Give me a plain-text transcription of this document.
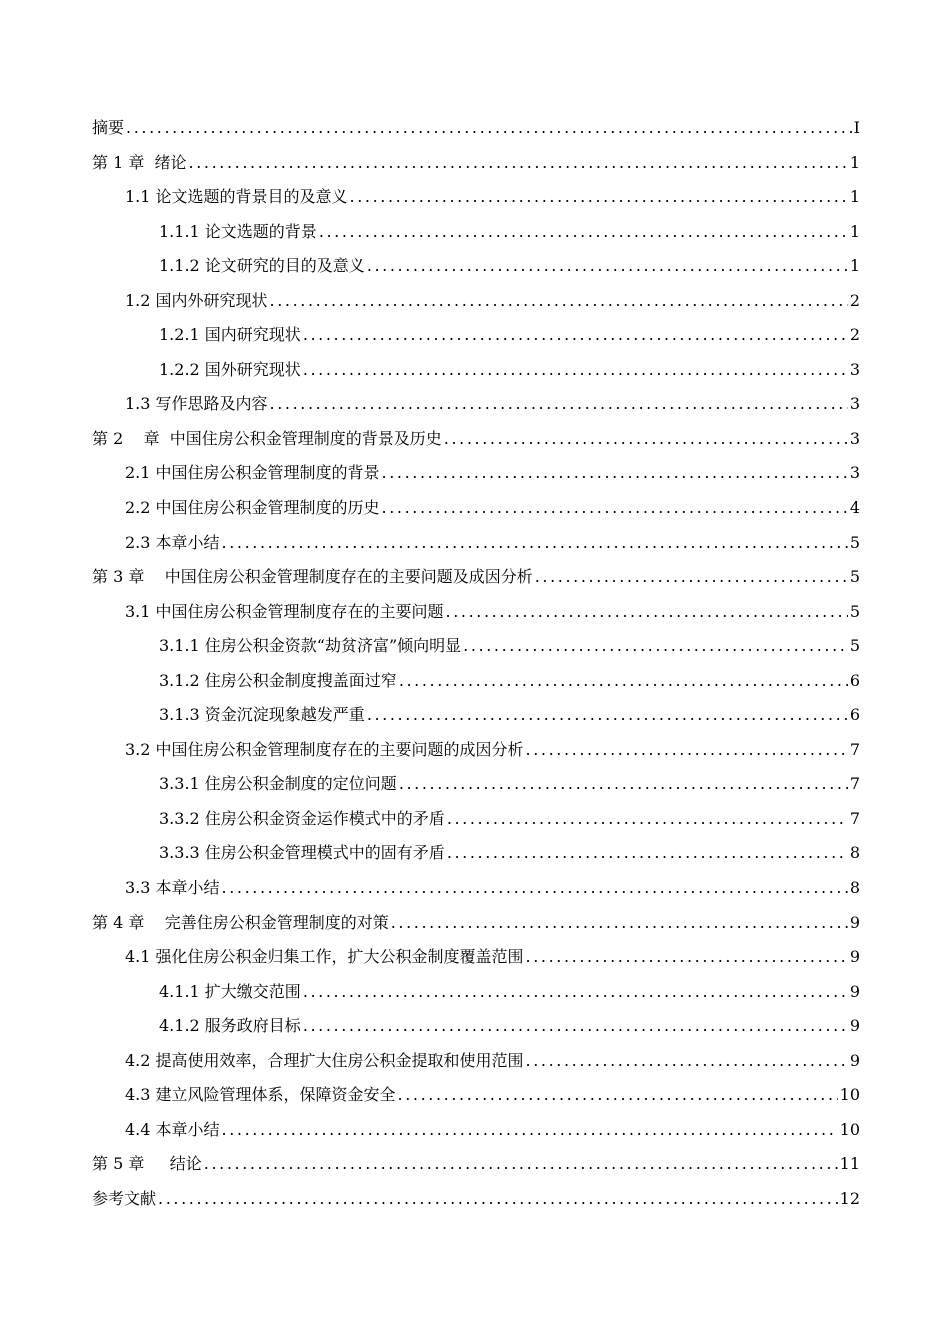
摘要 .....	I
第 1 章  绪论 .....	1
1.1 论文选题的背景目的及意义 .....	1
1.1.1 论文选题的背景 .....	1
1.1.2 论文研究的目的及意义 .....	1
1.2 国内外研究现状 .....	2
1.2.1 国内研究现状 .....	2
1.2.2 国外研究现状 .....	3
1.3 写作思路及内容 .....	3
第 2    章  中国住房公积金管理制度的背景及历史 .....	3
2.1 中国住房公积金管理制度的背景 .....	3
2.2 中国住房公积金管理制度的历史 .....	4
2.3 本章小结 .....	5
第 3 章    中国住房公积金管理制度存在的主要问题及成因分析 .....	5
3.1 中国住房公积金管理制度存在的主要问题 .....	5
3.1.1 住房公积金资款“劫贫济富”倾向明显 .....	5
3.1.2 住房公积金制度搜盖面过窄 .....	6
3.1.3 资金沉淀现象越发严重 .....	6
3.2 中国住房公积金管理制度存在的主要问题的成因分析 .....	7
3.3.1 住房公积金制度的定位问题 .....	7
3.3.2 住房公积金资金运作模式中的矛盾 .....	7
3.3.3 住房公积金管理模式中的固有矛盾 .....	8
3.3 本章小结 .....	8
第 4 章    完善住房公积金管理制度的对策 .....	9
4.1 强化住房公积金归集工作，扩大公积金制度覆盖范围 .....	9
4.1.1 扩大缴交范围 .....	9
4.1.2 服务政府目标 .....	9
4.2 提高使用效率，合理扩大住房公积金提取和使用范围 .....	9
4.3 建立风险管理体系，保障资金安全 .....	10
4.4 本章小结 .....	10
第 5 章     结论 .....	11
参考文献 .....	12
